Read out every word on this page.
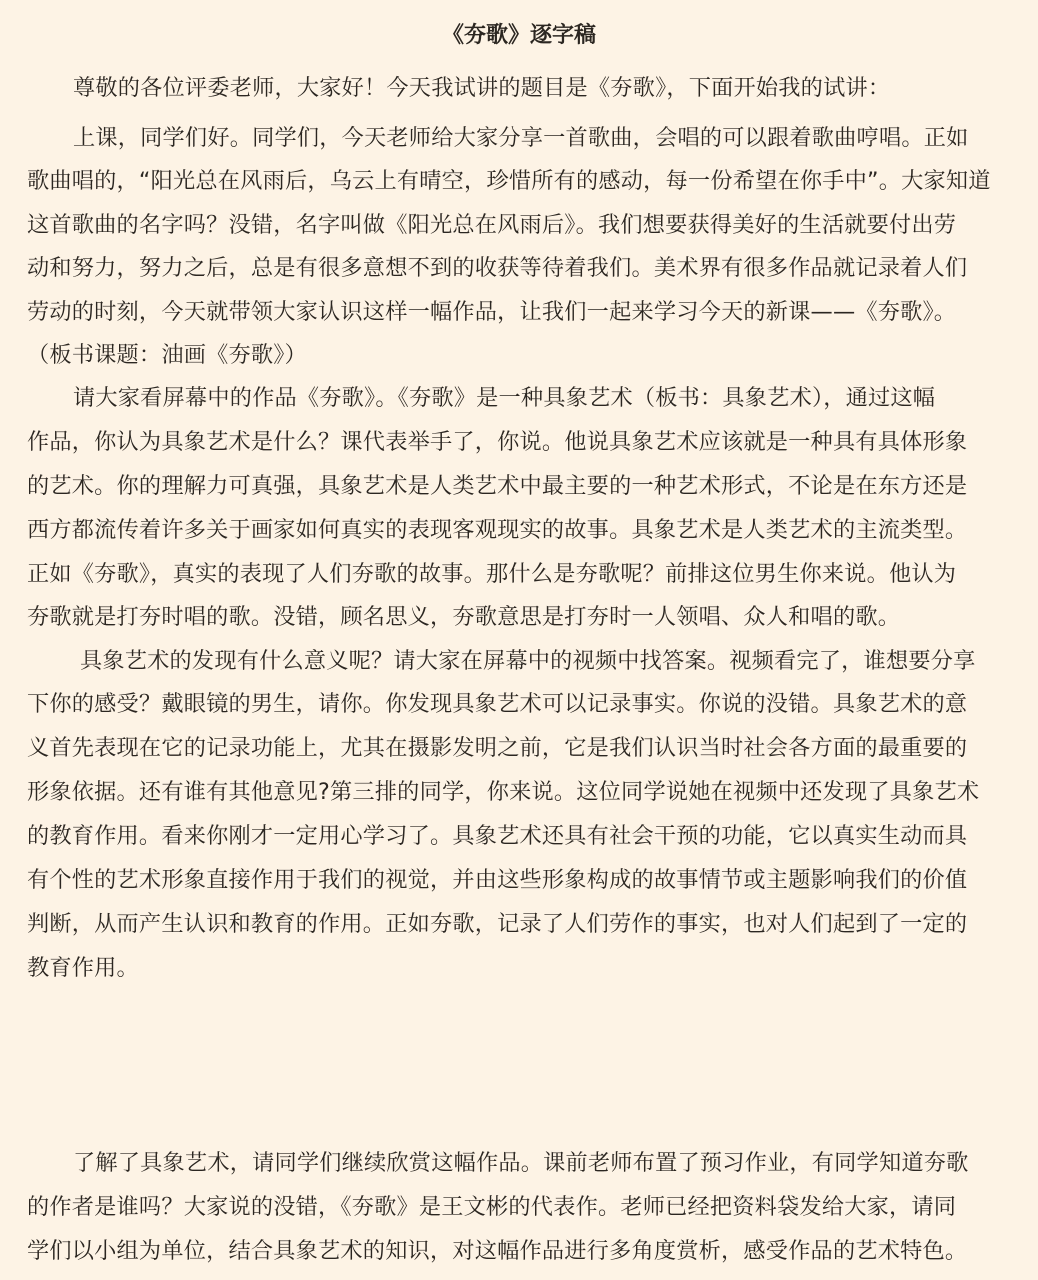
《夯歌》逐字稿
尊敬的各位评委老师，大家好！今天我试讲的题目是《夯歌》，下面开始我的试讲：
上课，同学们好。同学们，今天老师给大家分享一首歌曲，会唱的可以跟着歌曲哼唱。正如
歌曲唱的，“阳光总在风雨后，乌云上有晴空，珍惜所有的感动，每一份希望在你手中”。大家知道
这首歌曲的名字吗？没错，名字叫做《阳光总在风雨后》。我们想要获得美好的生活就要付出劳
动和努力，努力之后，总是有很多意想不到的收获等待着我们。美术界有很多作品就记录着人们
劳动的时刻，今天就带领大家认识这样一幅作品，让我们一起来学习今天的新课——《夯歌》。
（板书课题：油画《夯歌》）
请大家看屏幕中的作品《夯歌》。《夯歌》是一种具象艺术（板书：具象艺术），通过这幅
作品，你认为具象艺术是什么？课代表举手了，你说。他说具象艺术应该就是一种具有具体形象
的艺术。你的理解力可真强，具象艺术是人类艺术中最主要的一种艺术形式，不论是在东方还是
西方都流传着许多关于画家如何真实的表现客观现实的故事。具象艺术是人类艺术的主流类型。
正如《夯歌》，真实的表现了人们夯歌的故事。那什么是夯歌呢？前排这位男生你来说。他认为
夯歌就是打夯时唱的歌。没错，顾名思义，夯歌意思是打夯时一人领唱、众人和唱的歌。
具象艺术的发现有什么意义呢？请大家在屏幕中的视频中找答案。视频看完了，谁想要分享
下你的感受？戴眼镜的男生，请你。你发现具象艺术可以记录事实。你说的没错。具象艺术的意
义首先表现在它的记录功能上，尤其在摄影发明之前，它是我们认识当时社会各方面的最重要的
形象依据。还有谁有其他意见?第三排的同学，你来说。这位同学说她在视频中还发现了具象艺术
的教育作用。看来你刚才一定用心学习了。具象艺术还具有社会干预的功能，它以真实生动而具
有个性的艺术形象直接作用于我们的视觉，并由这些形象构成的故事情节或主题影响我们的价值
判断，从而产生认识和教育的作用。正如夯歌，记录了人们劳作的事实，也对人们起到了一定的
教育作用。
了解了具象艺术，请同学们继续欣赏这幅作品。课前老师布置了预习作业，有同学知道夯歌
的作者是谁吗？大家说的没错，《夯歌》是王文彬的代表作。老师已经把资料袋发给大家，请同
学们以小组为单位，结合具象艺术的知识，对这幅作品进行多角度赏析，感受作品的艺术特色。
